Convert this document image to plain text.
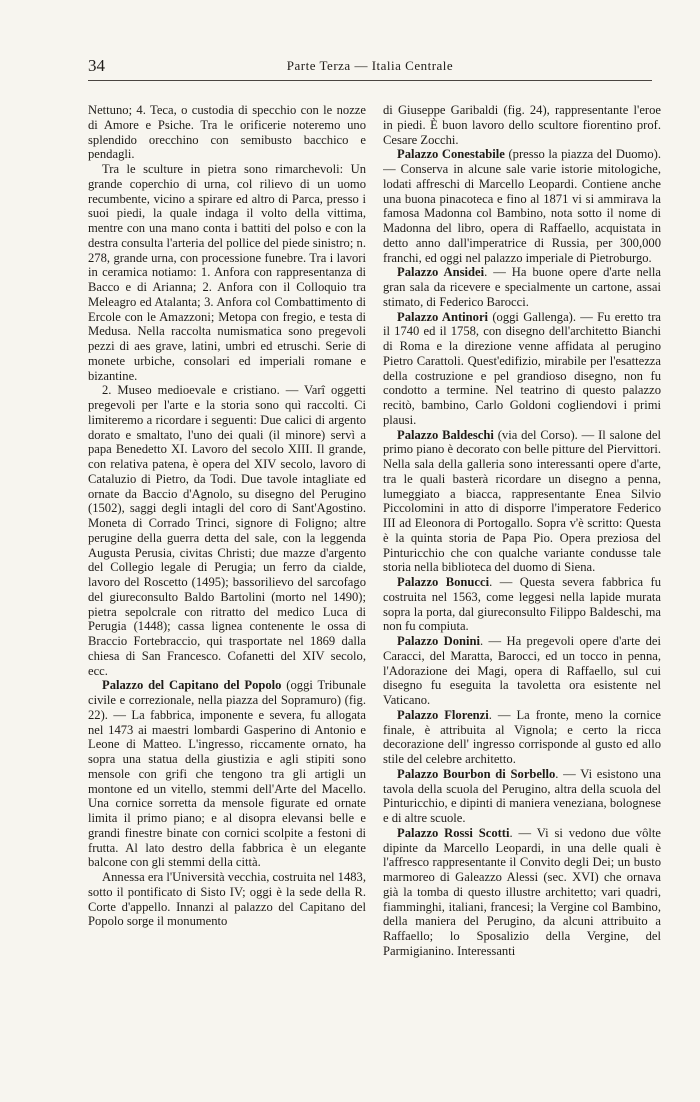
34	Parte Terza — Italia Centrale

Nettuno; 4. Teca, o custodia di specchio con le nozze di Amore e Psiche. Tra le orificerie noteremo uno splendido orecchino con semibusto bacchico e pendagli.

Tra le sculture in pietra sono rimarchevoli: Un grande coperchio di urna, col rilievo di un uomo recumbente, vicino a spirare ed altro di Parca, presso i suoi piedi, la quale indaga il volto della vittima, mentre con una mano conta i battiti del polso e con la destra consulta l'arteria del pollice del piede sinistro; n. 278, grande urna, con processione funebre. Tra i lavori in ceramica notiamo: 1. Anfora con rappresentanza di Bacco e di Arianna; 2. Anfora con il Colloquio tra Meleagro ed Atalanta; 3. Anfora col Combattimento di Ercole con le Amazzoni; Metopa con fregio, e testa di Medusa. Nella raccolta numismatica sono pregevoli pezzi di aes grave, latini, umbri ed etruschi. Serie di monete urbiche, consolari ed imperiali romane e bizantine.

2. Museo medioevale e cristiano. — Varî oggetti pregevoli per l'arte e la storia sono quì raccolti. Ci limiteremo a ricordare i seguenti: Due calici di argento dorato e smaltato, l'uno dei quali (il minore) servì a papa Benedetto XI. Lavoro del secolo XIII. Il grande, con relativa patena, è opera del XIV secolo, lavoro di Cataluzio di Pietro, da Todi. Due tavole intagliate ed ornate da Baccio d'Agnolo, su disegno del Perugino (1502), saggi degli intagli del coro di Sant'Agostino. Moneta di Corrado Trinci, signore di Foligno; altre perugine della guerra detta del sale, con la leggenda Augusta Perusia, civitas Christi; due mazze d'argento del Collegio legale di Perugia; un ferro da cialde, lavoro del Roscetto (1495); bassorilievo del sarcofago del giureconsulto Baldo Bartolini (morto nel 1490); pietra sepolcrale con ritratto del medico Luca di Perugia (1448); cassa lignea contenente le ossa di Braccio Fortebraccio, qui trasportate nel 1869 dalla chiesa di San Francesco. Cofanetti del XIV secolo, ecc.

Palazzo del Capitano del Popolo (oggi Tribunale civile e correzionale, nella piazza del Sopramuro) (fig. 22). — La fabbrica, imponente e severa, fu allogata nel 1473 ai maestri lombardi Gasperino di Antonio e Leone di Matteo. L'ingresso, riccamente ornato, ha sopra una statua della giustizia e agli stipiti sono mensole con grifi che tengono tra gli artigli un montone ed un vitello, stemmi dell'Arte del Macello. Una cornice sorretta da mensole figurate ed ornate limita il primo piano; e al disopra elevansi belle e grandi finestre binate con cornici scolpite a festoni di frutta. Al lato destro della fabbrica è un elegante balcone con gli stemmi della città.

Annessa era l'Università vecchia, costruita nel 1483, sotto il pontificato di Sisto IV; oggi è la sede della R. Corte d'appello. Innanzi al palazzo del Capitano del Popolo sorge il monumento

di Giuseppe Garibaldi (fig. 24), rappresentante l'eroe in piedi. È buon lavoro dello scultore fiorentino prof. Cesare Zocchi.

Palazzo Conestabile (presso la piazza del Duomo). — Conserva in alcune sale varie istorie mitologiche, lodati affreschi di Marcello Leopardi. Contiene anche una buona pinacoteca e fino al 1871 vi si ammirava la famosa Madonna col Bambino, nota sotto il nome di Madonna del libro, opera di Raffaello, acquistata in detto anno dall'imperatrice di Russia, per 300,000 franchi, ed oggi nel palazzo imperiale di Pietroburgo.

Palazzo Ansidei. — Ha buone opere d'arte nella gran sala da ricevere e specialmente un cartone, assai stimato, di Federico Barocci.

Palazzo Antinori (oggi Gallenga). — Fu eretto tra il 1740 ed il 1758, con disegno dell'architetto Bianchi di Roma e la direzione venne affidata al perugino Pietro Carattoli. Quest'edifizio, mirabile per l'esattezza della costruzione e pel grandioso disegno, non fu condotto a termine. Nel teatrino di questo palazzo recitò, bambino, Carlo Goldoni cogliendovi i primi plausi.

Palazzo Baldeschi (via del Corso). — Il salone del primo piano è decorato con belle pitture del Piervittori. Nella sala della galleria sono interessanti opere d'arte, tra le quali basterà ricordare un disegno a penna, lumeggiato a biacca, rappresentante Enea Silvio Piccolomini in atto di disporre l'imperatore Federico III ad Eleonora di Portogallo. Sopra v'è scritto: Questa è la quinta storia de Papa Pio. Opera preziosa del Pinturicchio che con qualche variante condusse tale storia nella biblioteca del duomo di Siena.

Palazzo Bonucci. — Questa severa fabbrica fu costruita nel 1563, come leggesi nella lapide murata sopra la porta, dal giureconsulto Filippo Baldeschi, ma non fu compiuta.

Palazzo Donini. — Ha pregevoli opere d'arte dei Caracci, del Maratta, Barocci, ed un tocco in penna, l'Adorazione dei Magi, opera di Raffaello, sul cui disegno fu eseguita la tavoletta ora esistente nel Vaticano.

Palazzo Florenzi. — La fronte, meno la cornice finale, è attribuita al Vignola; e certo la ricca decorazione dell' ingresso corrisponde al gusto ed allo stile del celebre architetto.

Palazzo Bourbon di Sorbello. — Vi esistono una tavola della scuola del Perugino, altra della scuola del Pinturicchio, e dipinti di maniera veneziana, bolognese e di altre scuole.

Palazzo Rossi Scotti. — Vi si vedono due vôlte dipinte da Marcello Leopardi, in una delle quali è l'affresco rappresentante il Convito degli Dei; un busto marmoreo di Galeazzo Alessi (sec. XVI) che ornava già la tomba di questo illustre architetto; vari quadri, fiamminghi, italiani, francesi; la Vergine col Bambino, della maniera del Perugino, da alcuni attribuito a Raffaello; lo Sposalizio della Vergine, del Parmigianino. Interessanti
